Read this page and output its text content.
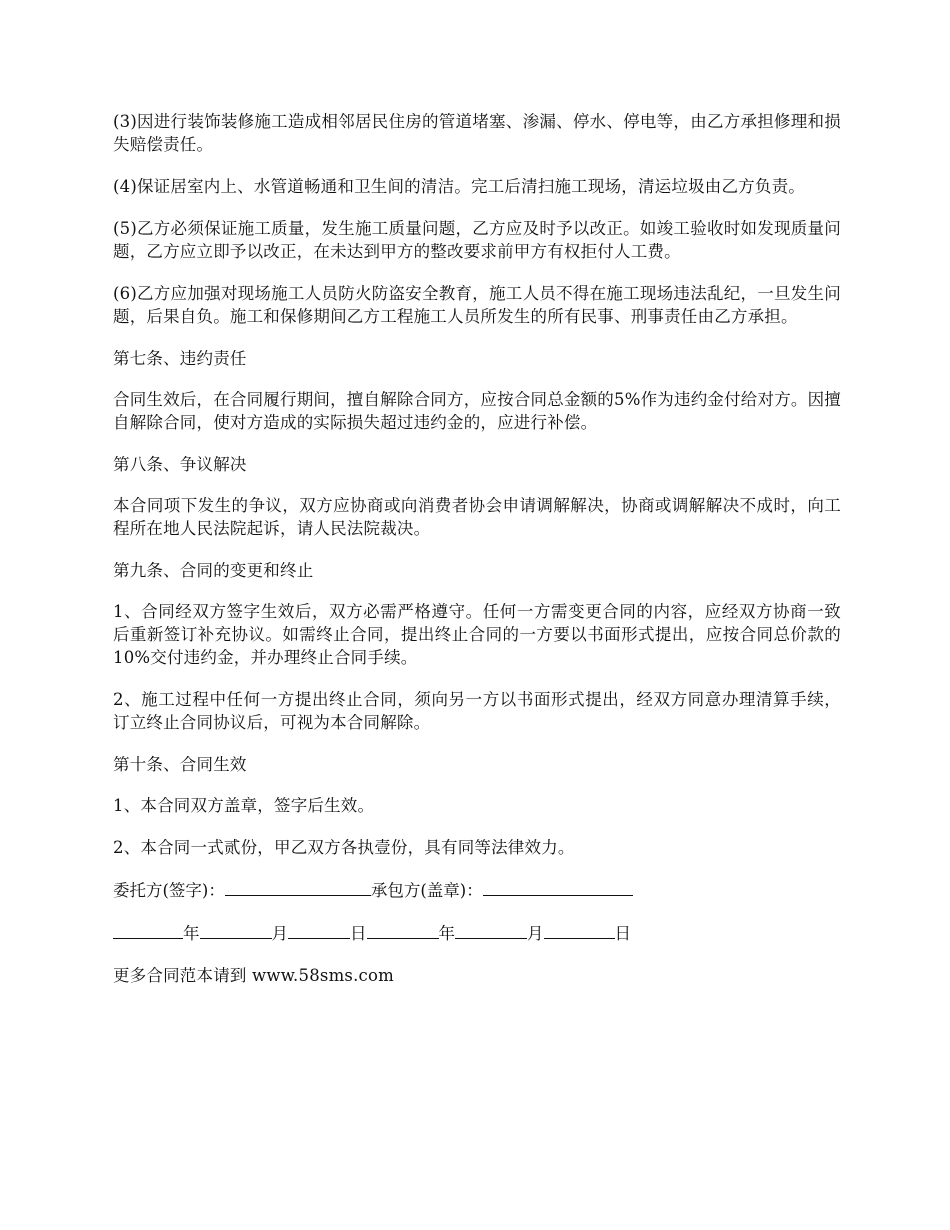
(3)因进行装饰装修施工造成相邻居民住房的管道堵塞、渗漏、停水、停电等，由乙方承担修理和损失赔偿责任。

(4)保证居室内上、水管道畅通和卫生间的清洁。完工后清扫施工现场，清运垃圾由乙方负责。

(5)乙方必须保证施工质量，发生施工质量问题，乙方应及时予以改正。如竣工验收时如发现质量问题，乙方应立即予以改正，在未达到甲方的整改要求前甲方有权拒付人工费。

(6)乙方应加强对现场施工人员防火防盗安全教育，施工人员不得在施工现场违法乱纪，一旦发生问题，后果自负。施工和保修期间乙方工程施工人员所发生的所有民事、刑事责任由乙方承担。

第七条、违约责任

合同生效后，在合同履行期间，擅自解除合同方，应按合同总金额的5%作为违约金付给对方。因擅自解除合同，使对方造成的实际损失超过违约金的，应进行补偿。

第八条、争议解决

本合同项下发生的争议，双方应协商或向消费者协会申请调解解决，协商或调解解决不成时，向工程所在地人民法院起诉，请人民法院裁决。

第九条、合同的变更和终止

1、合同经双方签字生效后，双方必需严格遵守。任何一方需变更合同的内容，应经双方协商一致后重新签订补充协议。如需终止合同，提出终止合同的一方要以书面形式提出，应按合同总价款的10%交付违约金，并办理终止合同手续。

2、施工过程中任何一方提出终止合同，须向另一方以书面形式提出，经双方同意办理清算手续，订立终止合同协议后，可视为本合同解除。

第十条、合同生效

1、本合同双方盖章，签字后生效。

2、本合同一式贰份，甲乙双方各执壹份，具有同等法律效力。

委托方(签字)：	承包方(盖章)：
年	月	日	年	月	日

更多合同范本请到 www.58sms.com
